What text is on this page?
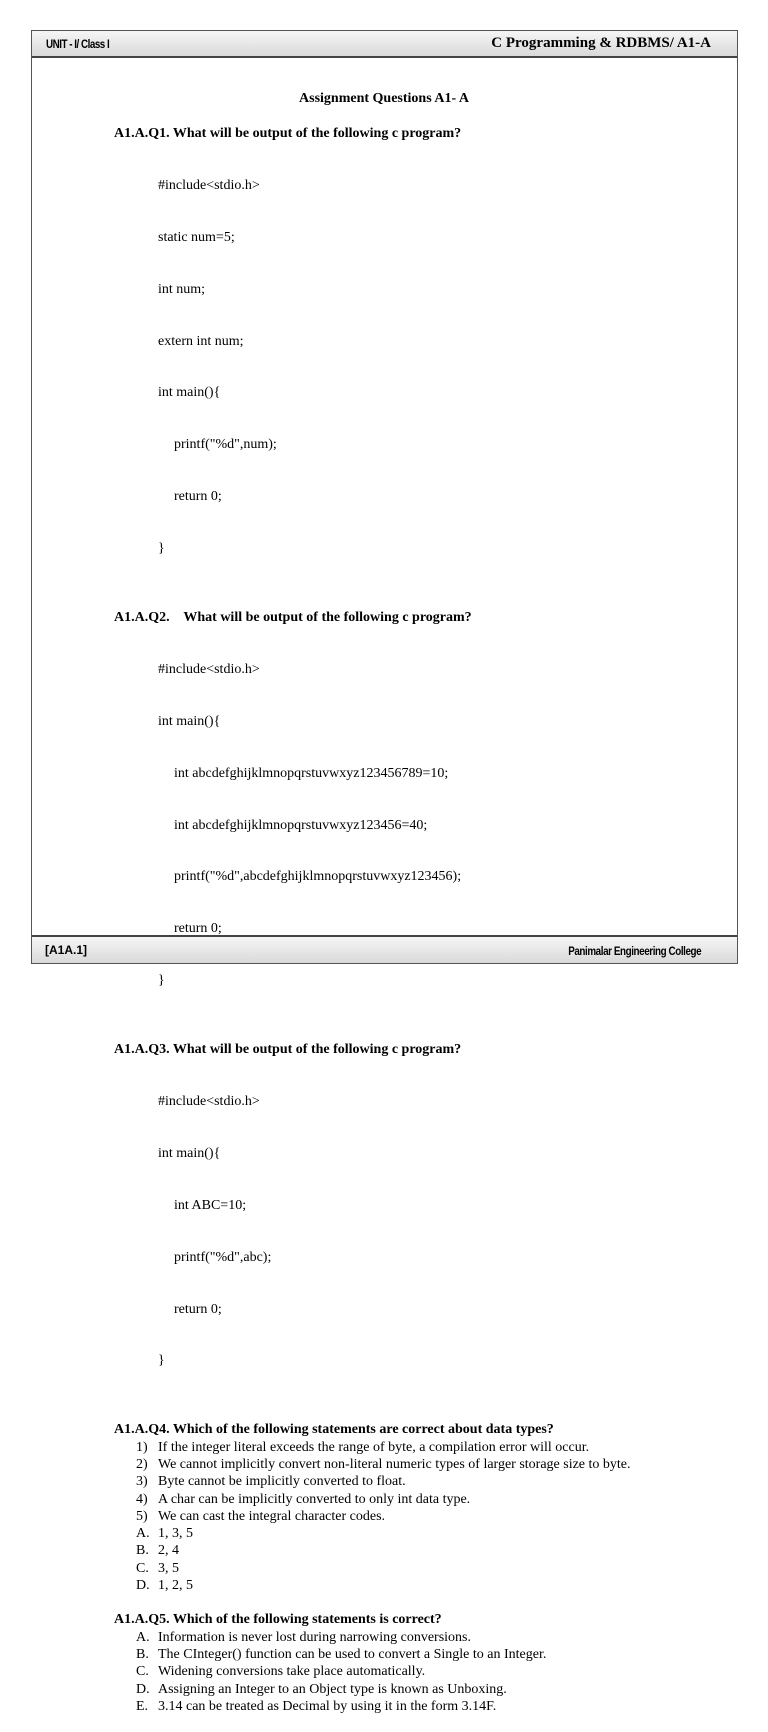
UNIT - I/ Class I	C Programming & RDBMS/ A1-A
[A1A.1]	Panimalar Engineering College
Assignment Questions A1- A
A1.A.Q1. What will be output of the following c program?

#include<stdio.h>

static num=5;

int num;

extern int num;

int main(){

printf("%d",num);

return 0;

}

A1.A.Q2. What will be output of the following c program?

#include<stdio.h>

int main(){

int abcdefghijklmnopqrstuvwxyz123456789=10;

int abcdefghijklmnopqrstuvwxyz123456=40;

printf("%d",abcdefghijklmnopqrstuvwxyz123456);

return 0;

}

A1.A.Q3. What will be output of the following c program?

#include<stdio.h>

int main(){

int ABC=10;

printf("%d",abc);

return 0;

}

A1.A.Q4. Which of the following statements are correct about data types?
1) If the integer literal exceeds the range of byte, a compilation error will occur.
2) We cannot implicitly convert non-literal numeric types of larger storage size to byte.
3) Byte cannot be implicitly converted to float.
4) A char can be implicitly converted to only int data type.
5) We can cast the integral character codes.
A. 1, 3, 5
B. 2, 4
C. 3, 5
D. 1, 2, 5
A1.A.Q5. Which of the following statements is correct?
A. Information is never lost during narrowing conversions.
B. The CInteger() function can be used to convert a Single to an Integer.
C. Widening conversions take place automatically.
D. Assigning an Integer to an Object type is known as Unboxing.
E. 3.14 can be treated as Decimal by using it in the form 3.14F.
